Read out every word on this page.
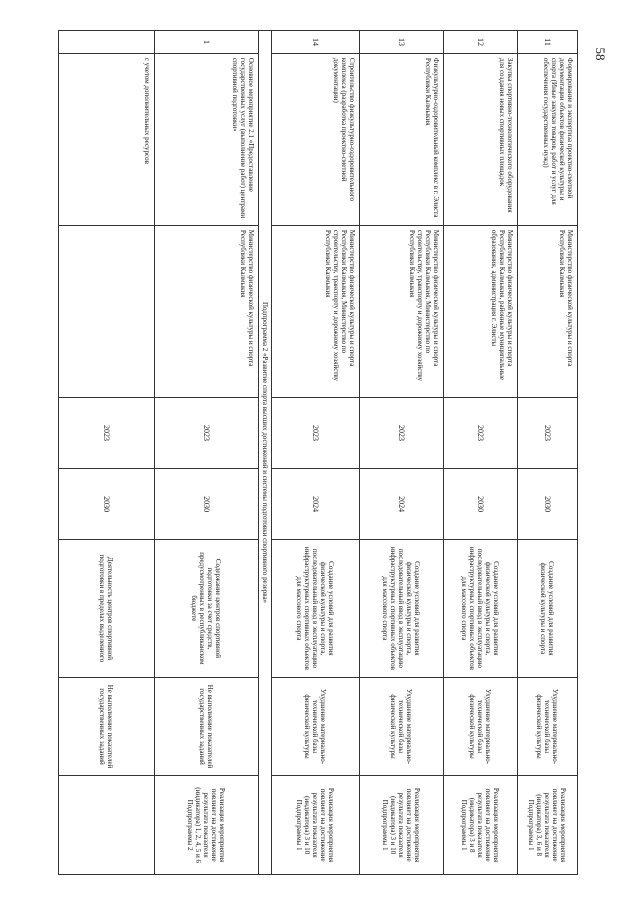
58
11	Формирование и экспертиза проектно-сметной документации объектов физической культуры и спорта (Иные закупки товаров, работ и услуг для обеспечения государственных нужд)	Министерство физической культуры и спорта Республики Калмыкия	2023	2030	Создание условий для развития физической культуры и спорта	Ухудшение материально-технической базы физической культуры	Реализация мероприятия повлияет на достижение результата показателя (индикатора) 3, 6 и 8 Подпрограммы 1
12	Закупка спортивно-технологического оборудования для создания новых спортивных площадок	Министерство физической культуры и спорта Республики Калмыкия, районные муниципальные образования, администрация г. Элисты	2023	2030	Создание условий для развития физической культуры и спорта, последовательный ввод в эксплуатацию инфраструктурных спортивных объектов для массового спорта	Ухудшение материально-технической базы физической культуры	Реализация мероприятия повлияет на достижение результата показателя (индикатора) 3 и 8 Подпрограммы 1
13	Физкультурно-оздоровительный комплекс в г. Элиста Республики Калмыкия	Министерство физической культуры и спорта Республики Калмыкия, Министерство по строительству, транспорту и дорожному хозяйству Республики Калмыкия	2023	2024	Создание условий для развития физической культуры и спорта, последовательный ввод в эксплуатацию инфраструктурных спортивных объектов для массового спорта	Ухудшение материально-технической базы физической культуры	Реализация мероприятия повлияет на достижение результата показателя (индикатора) 3 и 10 Подпрограммы 1
14	Строительство физкультурно-оздоровительного комплекса (разработка проектно-сметной документации)	Министерство физической культуры и спорта Республики Калмыкия, Министерство по строительству, транспорту и дорожному хозяйству Республики Калмыкия	2023	2024	Создание условий для развития физической культуры и спорта, последовательный ввод в эксплуатацию инфраструктурных спортивных объектов для массового спорта	Ухудшение материально-технической базы физической культуры	Реализация мероприятия повлияет на достижение результата показателя (индикатора) 3 и 10 Подпрограммы 1
Подпрограмма 2 «Развитие спорта высших достижений и системы подготовки спортивного резерва»							
1	Основное мероприятие 2.1 «Предоставление государственных услуг (выполнение работ) центрами спортивной подготовки»	Министерство физической культуры и спорта Республики Калмыкия	2023	2030	Содержание центров спортивной подготовки за счет средств, предусмотренных в республиканском бюджете	Не выполнение показателей государственных заданий	Реализация мероприятия повлияет на достижение результата показателя (индикатора) 1, 2, 4, 5 и 6 Подпрограммы 2
	с учетом дополнительных ресурсов		2023	2030	Деятельность центров спортивной подготовки в пределах выделенного	Не выполнение показателей государственных заданий	
